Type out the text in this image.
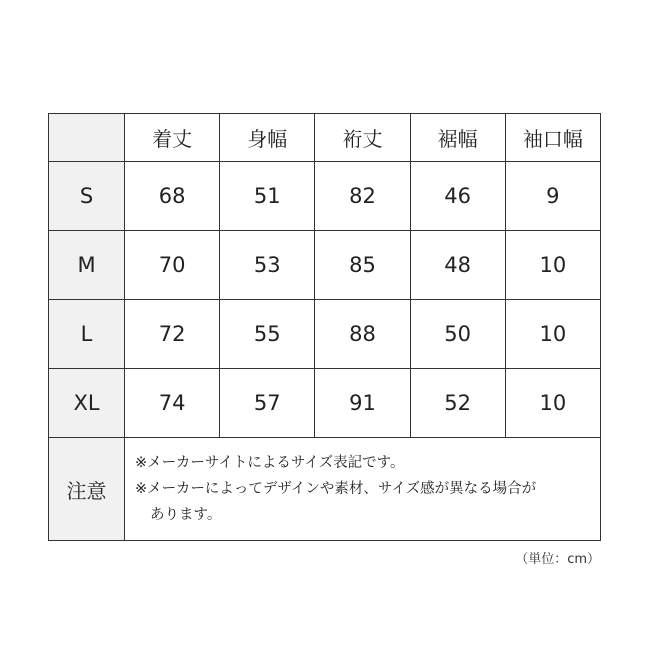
	着丈	身幅	裄丈	裾幅	袖口幅
S	68	51	82	46	9
M	70	53	85	48	10
L	72	55	88	50	10
XL	74	57	91	52	10
注意	※メーカーサイトによるサイズ表記です。
※メーカーによってデザインや素材、サイズ感が異なる場合が
あります。				
（単位：cm）
